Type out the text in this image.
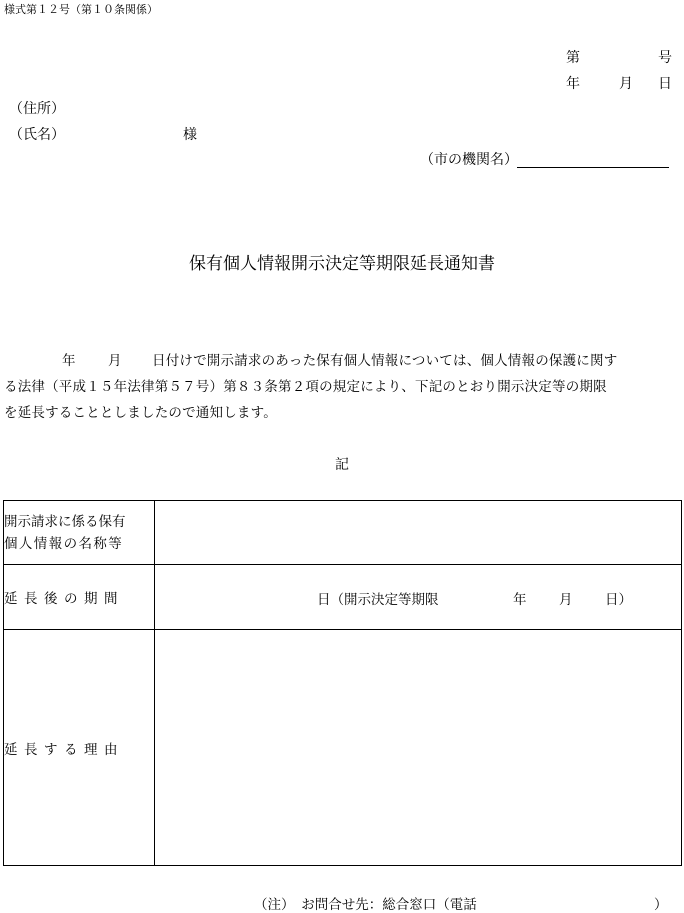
様式第１２号（第１０条関係）
第	号
年	月 日
（住所）
（氏名）	様
（市の機関名）
保有個人情報開示決定等期限延長通知書
年 月 日付けで開示請求のあった保有個人情報については、個人情報の保護に関す
る法律（平成１５年法律第５７号）第８３条第２項の規定により、下記のとおり開示決定等の期限
を延長することとしましたので通知します。
記
開示請求に係る保有
個人情報の名称等	

延長後の期間	日（開示決定等期限 年 月 日）

延長する理由	
（注）　お問合せ先：総合窓口（電話	）
